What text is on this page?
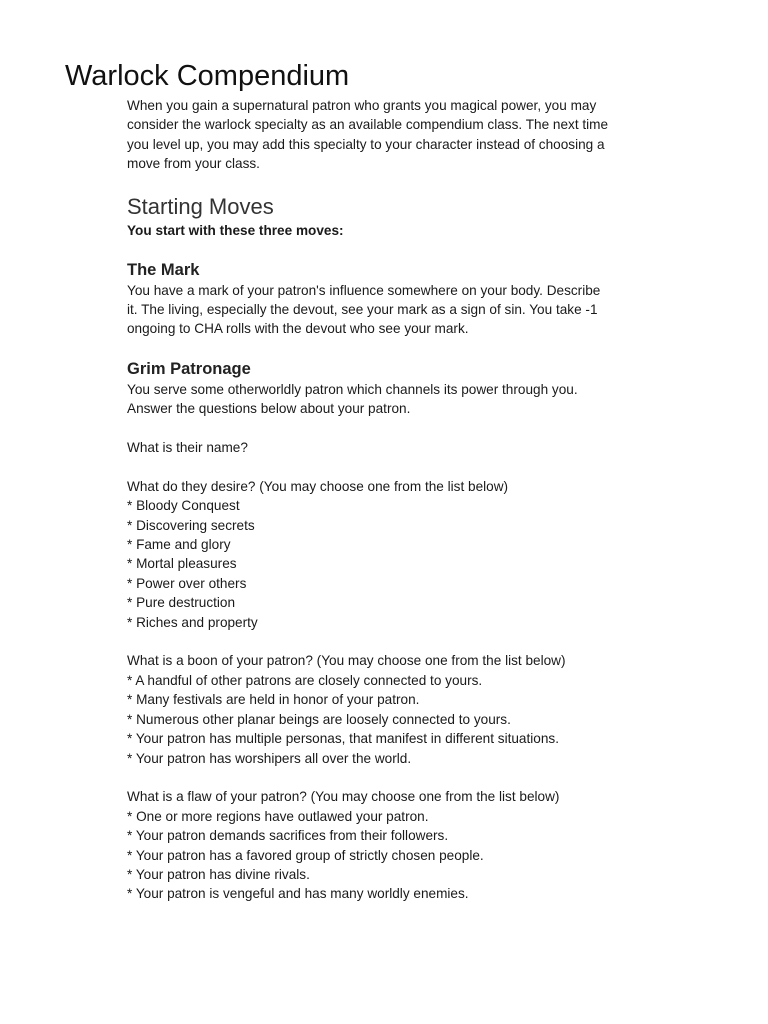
Warlock Compendium

When you gain a supernatural patron who grants you magical power, you may

consider the warlock specialty as an available compendium class. The next time

you level up, you may add this specialty to your character instead of choosing a

move from your class.

Starting Moves

You start with these three moves:

The Mark

You have a mark of your patron's influence somewhere on your body. Describe

it. The living, especially the devout, see your mark as a sign of sin. You take -1

ongoing to CHA rolls with the devout who see your mark.

Grim Patronage

You serve some otherworldly patron which channels its power through you.

Answer the questions below about your patron.

What is their name?

What do they desire? (You may choose one from the list below)

* Bloody Conquest
* Discovering secrets
* Fame and glory
* Mortal pleasures
* Power over others
* Pure destruction
* Riches and property

What is a boon of your patron? (You may choose one from the list below)

* A handful of other patrons are closely connected to yours.
* Many festivals are held in honor of your patron.
* Numerous other planar beings are loosely connected to yours.
* Your patron has multiple personas, that manifest in different situations.
* Your patron has worshipers all over the world.

What is a flaw of your patron? (You may choose one from the list below)

* One or more regions have outlawed your patron.
* Your patron demands sacrifices from their followers.
* Your patron has a favored group of strictly chosen people.
* Your patron has divine rivals.
* Your patron is vengeful and has many worldly enemies.
